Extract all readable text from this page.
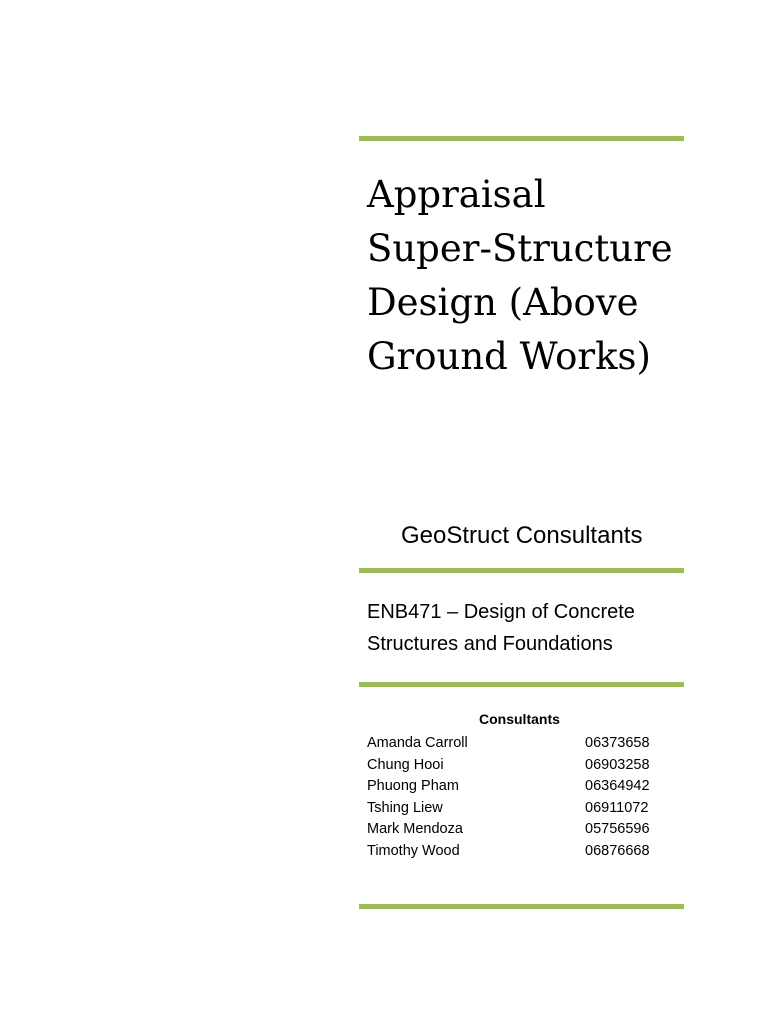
Appraisal
Super-Structure
Design (Above
Ground Works)
GeoStruct Consultants
ENB471 – Design of Concrete
Structures and Foundations
Consultants
Amanda Carroll	06373658
Chung Hooi	06903258
Phuong Pham	06364942
Tshing Liew	06911072
Mark Mendoza	05756596
Timothy Wood	06876668
